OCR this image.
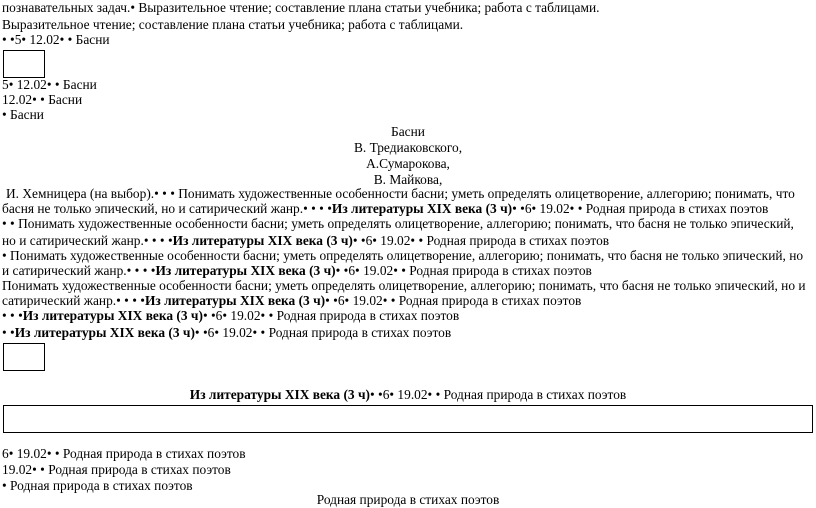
познавательных задач.• Выразительное чтение; составление плана статьи учебника; работа с таблицами.
Выразительное чтение; составление плана статьи учебника; работа с таблицами.
• •5• 12.02• • Басни
5• 12.02• • Басни
12.02• • Басни
• Басни
Басни
В. Тредиаковского,
А.Сумарокова,
В. Майкова,
И. Хемницера (на выбор).• • • Понимать художественные особенности басни; уметь определять олицетворение, аллегорию; понимать, что
басня не только эпический, но и сатирический жанр.• • • •Из литературы XIX века (3 ч)• •6• 19.02• • Родная природа в стихах поэтов
• • Понимать художественные особенности басни; уметь определять олицетворение, аллегорию; понимать, что басня не только эпический,
но и сатирический жанр.• • • •Из литературы XIX века (3 ч)• •6• 19.02• • Родная природа в стихах поэтов
• Понимать художественные особенности басни; уметь определять олицетворение, аллегорию; понимать, что басня не только эпический, но
и сатирический жанр.• • • •Из литературы XIX века (3 ч)• •6• 19.02• • Родная природа в стихах поэтов
Понимать художественные особенности басни; уметь определять олицетворение, аллегорию; понимать, что басня не только эпический, но и
сатирический жанр.• • • •Из литературы XIX века (3 ч)• •6• 19.02• • Родная природа в стихах поэтов
• • •Из литературы XIX века (3 ч)• •6• 19.02• • Родная природа в стихах поэтов
• •Из литературы XIX века (3 ч)• •6• 19.02• • Родная природа в стихах поэтов
Из литературы XIX века (3 ч)• •6• 19.02• • Родная природа в стихах поэтов
6• 19.02• • Родная природа в стихах поэтов
19.02• • Родная природа в стихах поэтов
• Родная природа в стихах поэтов
Родная природа в стихах поэтов
